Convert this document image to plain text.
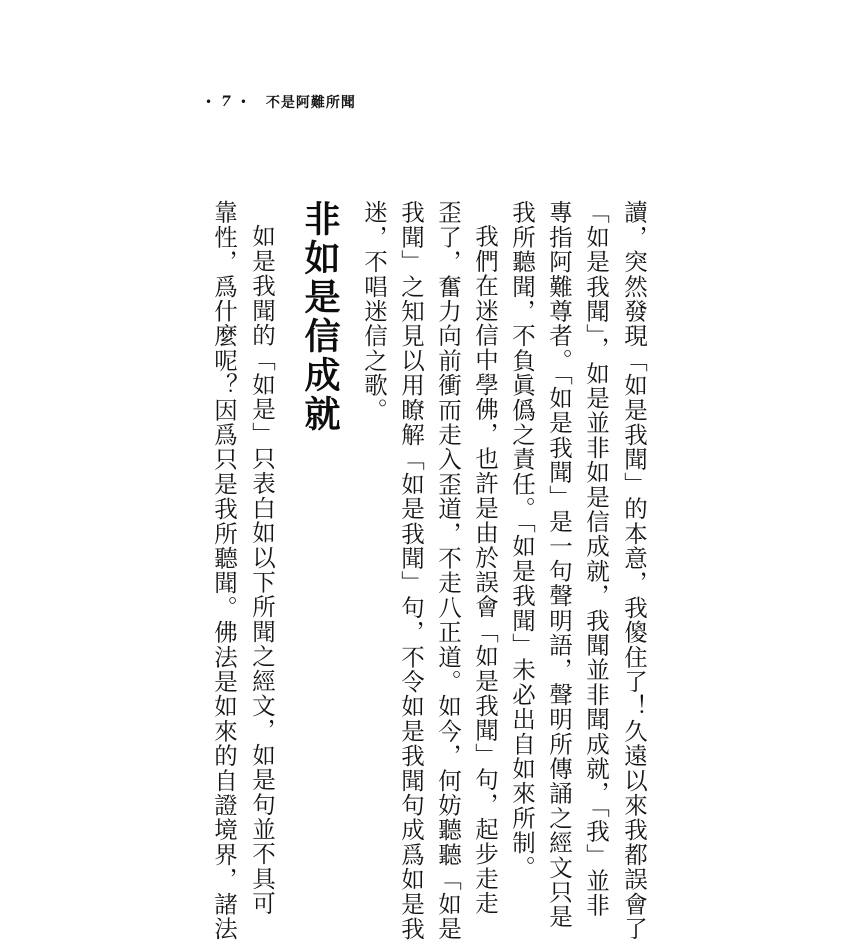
• 7 • 不是阿難所聞
讀，突然發現「如是我聞」的本意，我傻住了！久遠以來我都誤會了
「如是我聞」，如是並非如是信成就，我聞並非聞成就，「我」並非
專指阿難尊者。「如是我聞」是一句聲明語，聲明所傳誦之經文只是
我所聽聞，不負眞僞之責任。「如是我聞」未必出自如來所制。
我們在迷信中學佛，也許是由於誤會「如是我聞」句，起步走走
歪了，奮力向前衝而走入歪道，不走八正道。如今，何妨聽聽「如是
我聞」之知見以用瞭解「如是我聞」句，不令如是我聞句成爲如是我
迷，不唱迷信之歌。
非如是信成就
如是我聞的「如是」只表白如以下所聞之經文，如是句並不具可
靠性，爲什麼呢？因爲只是我所聽聞。佛法是如來的自證境界，諸法
